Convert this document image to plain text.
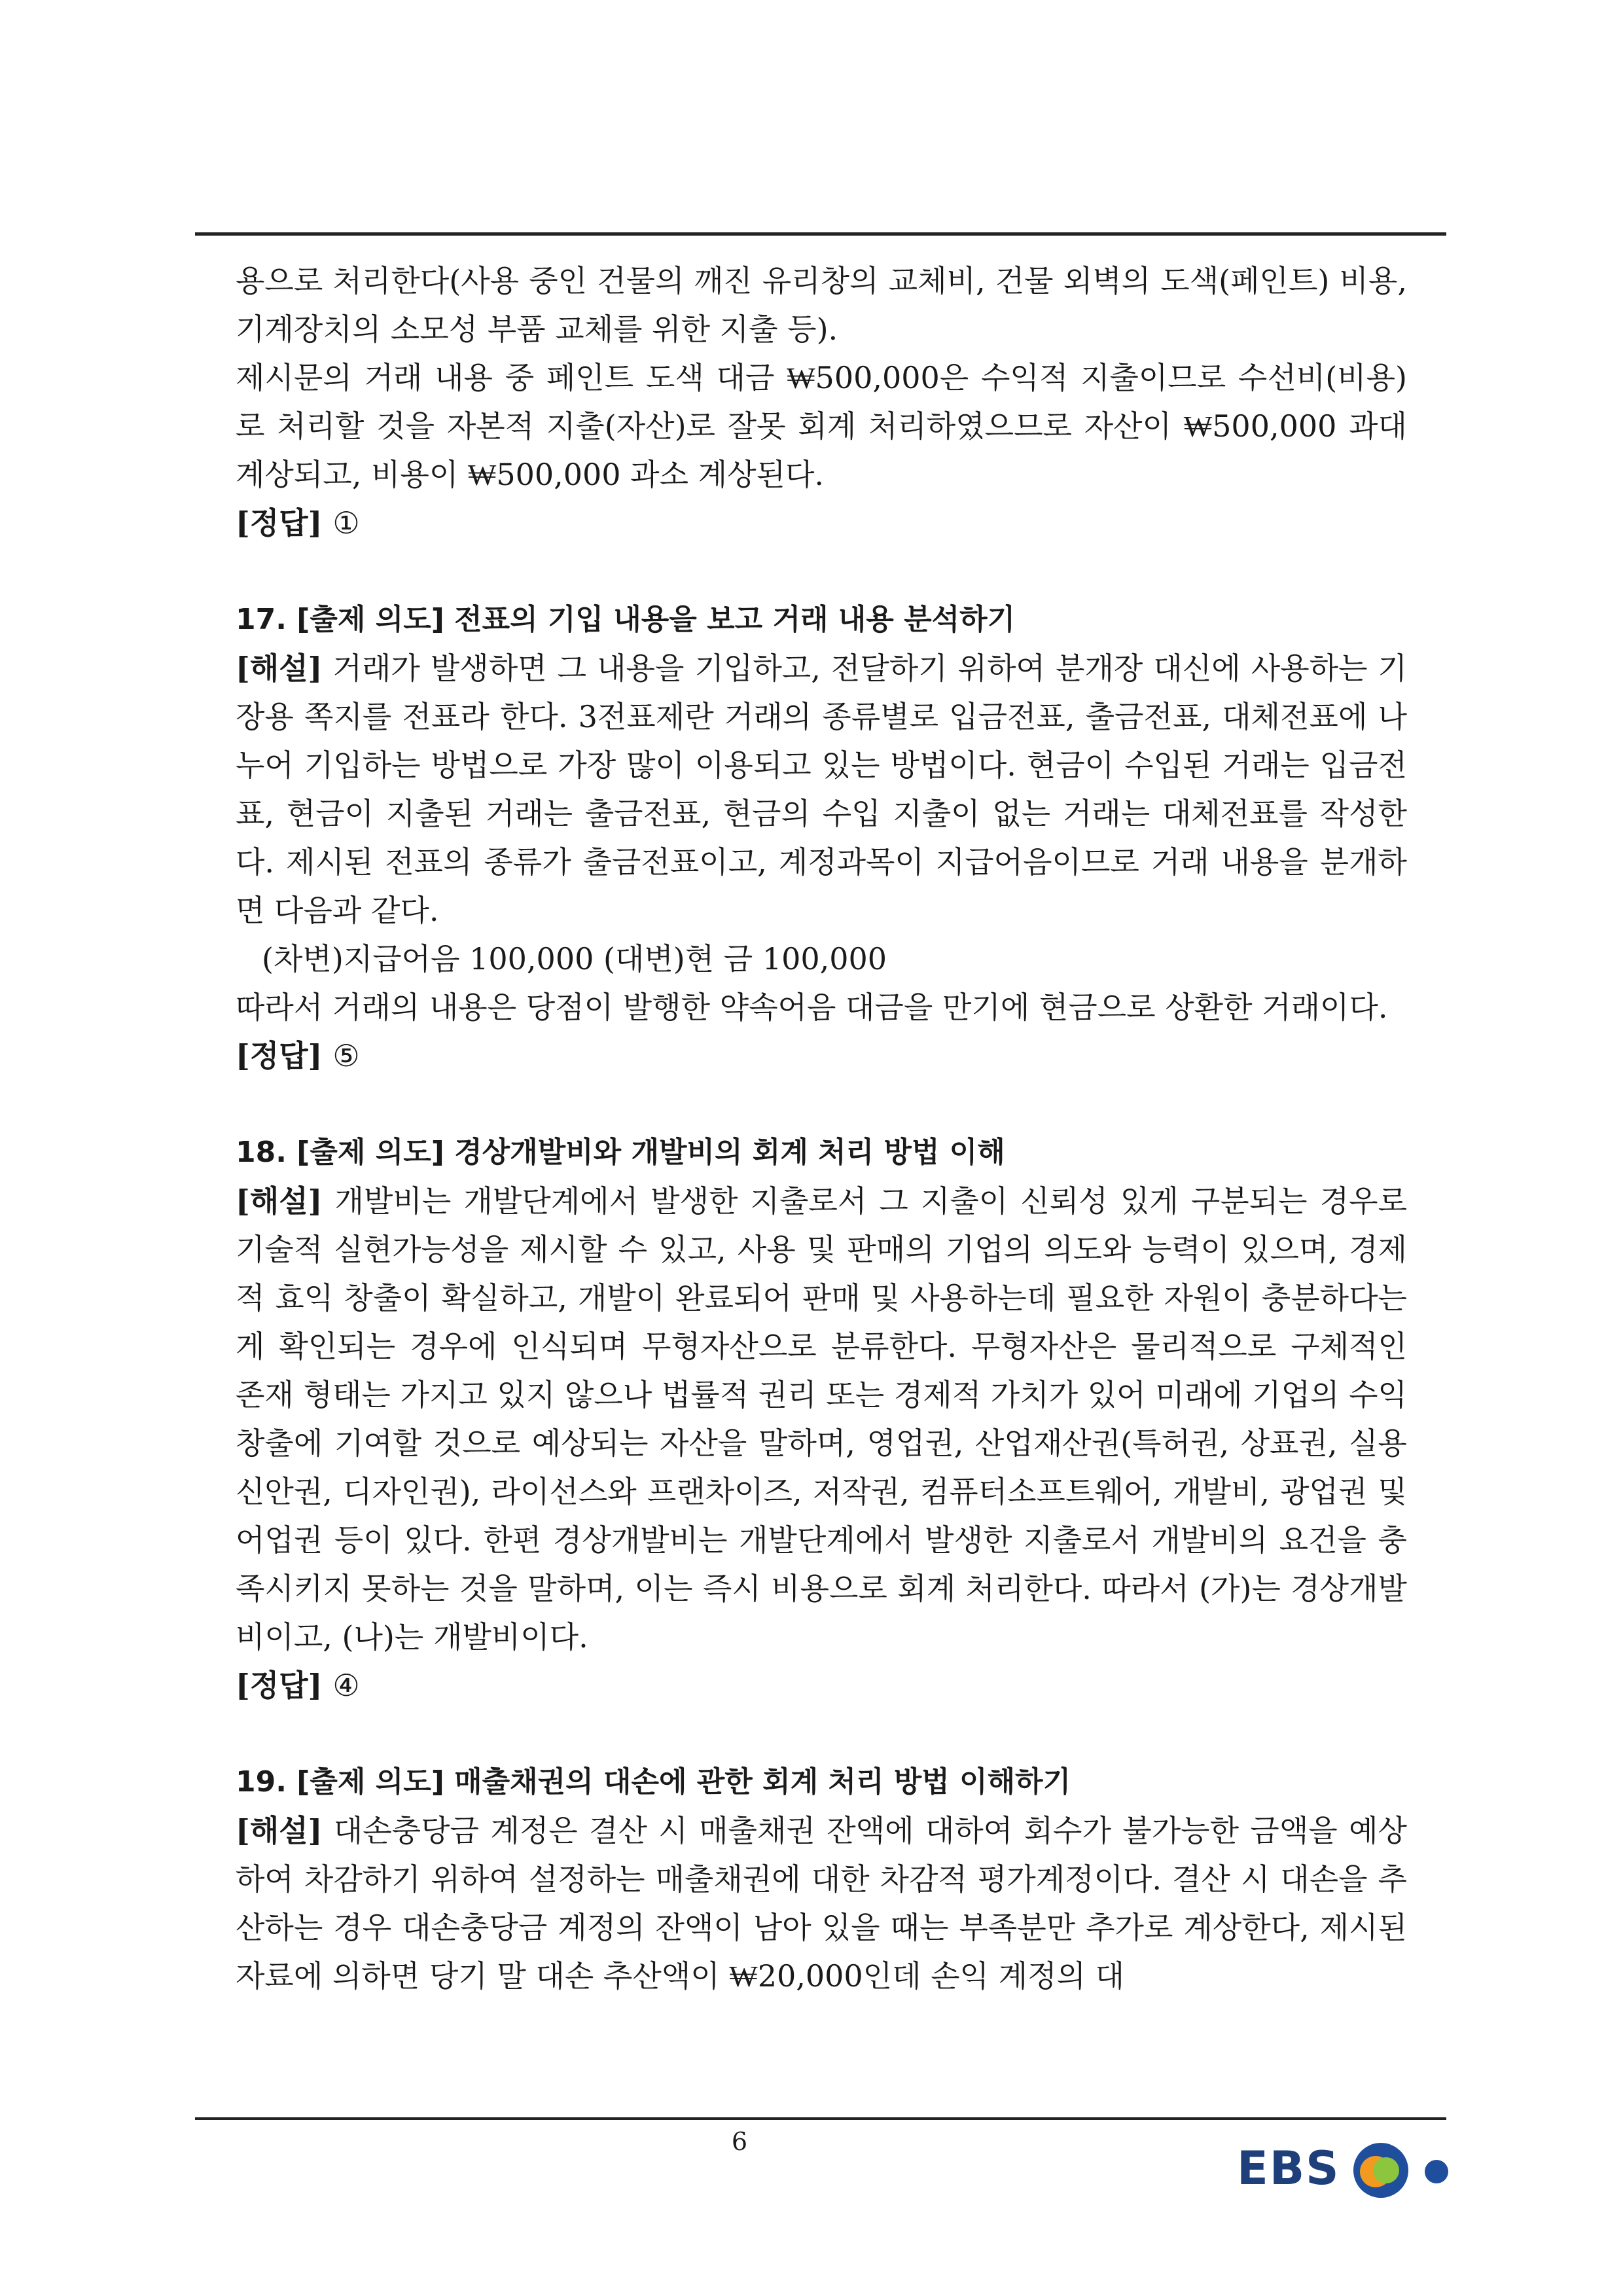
용으로 처리한다(사용 중인 건물의 깨진 유리창의 교체비, 건물 외벽의 도색(페인트) 비용, 기계장치의 소모성 부품 교체를 위한 지출 등).

제시문의 거래 내용 중 페인트 도색 대금 ₩500,000은 수익적 지출이므로 수선비(비용)로 처리할 것을 자본적 지출(자산)로 잘못 회계 처리하였으므로 자산이 ₩500,000 과대 계상되고, 비용이 ₩500,000 과소 계상된다.

[정답] ①

17. [출제 의도] 전표의 기입 내용을 보고 거래 내용 분석하기

[해설] 거래가 발생하면 그 내용을 기입하고, 전달하기 위하여 분개장 대신에 사용하는 기장용 쪽지를 전표라 한다. 3전표제란 거래의 종류별로 입금전표, 출금전표, 대체전표에 나누어 기입하는 방법으로 가장 많이 이용되고 있는 방법이다. 현금이 수입된 거래는 입금전표, 현금이 지출된 거래는 출금전표, 현금의 수입 지출이 없는 거래는 대체전표를 작성한다. 제시된 전표의 종류가 출금전표이고, 계정과목이 지급어음이므로 거래 내용을 분개하면 다음과 같다.

(차변)지급어음 100,000 (대변)현 금 100,000

따라서 거래의 내용은 당점이 발행한 약속어음 대금을 만기에 현금으로 상환한 거래이다.

[정답] ⑤

18. [출제 의도] 경상개발비와 개발비의 회계 처리 방법 이해

[해설] 개발비는 개발단계에서 발생한 지출로서 그 지출이 신뢰성 있게 구분되는 경우로 기술적 실현가능성을 제시할 수 있고, 사용 및 판매의 기업의 의도와 능력이 있으며, 경제적 효익 창출이 확실하고, 개발이 완료되어 판매 및 사용하는데 필요한 자원이 충분하다는 게 확인되는 경우에 인식되며 무형자산으로 분류한다. 무형자산은 물리적으로 구체적인 존재 형태는 가지고 있지 않으나 법률적 권리 또는 경제적 가치가 있어 미래에 기업의 수익 창출에 기여할 것으로 예상되는 자산을 말하며, 영업권, 산업재산권(특허권, 상표권, 실용신안권, 디자인권), 라이선스와 프랜차이즈, 저작권, 컴퓨터소프트웨어, 개발비, 광업권 및 어업권 등이 있다. 한편 경상개발비는 개발단계에서 발생한 지출로서 개발비의 요건을 충족시키지 못하는 것을 말하며, 이는 즉시 비용으로 회계 처리한다. 따라서 (가)는 경상개발비이고, (나)는 개발비이다.

[정답] ④

19. [출제 의도] 매출채권의 대손에 관한 회계 처리 방법 이해하기

[해설] 대손충당금 계정은 결산 시 매출채권 잔액에 대하여 회수가 불가능한 금액을 예상하여 차감하기 위하여 설정하는 매출채권에 대한 차감적 평가계정이다. 결산 시 대손을 추산하는 경우 대손충당금 계정의 잔액이 남아 있을 때는 부족분만 추가로 계상한다, 제시된 자료에 의하면 당기 말 대손 추산액이 ₩20,000인데 손익 계정의 대

6	EBS
